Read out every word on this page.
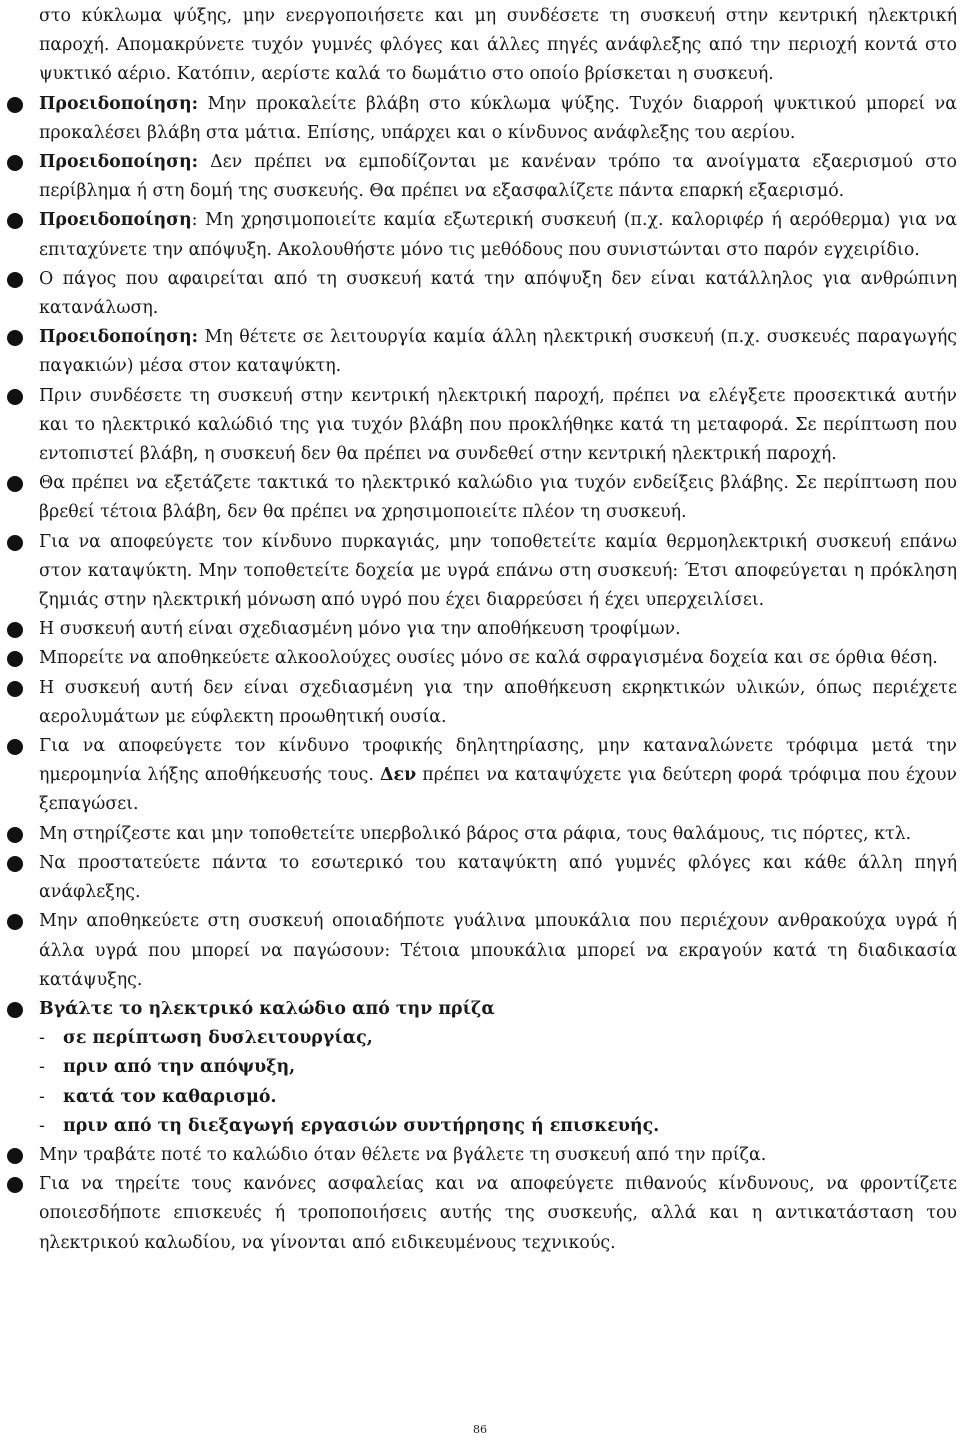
στο κύκλωμα ψύξης, μην ενεργοποιήσετε και μη συνδέσετε τη συσκευή στην κεντρική ηλεκτρική παροχή. Απομακρύνετε τυχόν γυμνές φλόγες και άλλες πηγές ανάφλεξης από την περιοχή κοντά στο ψυκτικό αέριο. Κατόπιν, αερίστε καλά το δωμάτιο στο οποίο βρίσκεται η συσκευή.

Προειδοποίηση: Μην προκαλείτε βλάβη στο κύκλωμα ψύξης. Τυχόν διαρροή ψυκτικού μπορεί να προκαλέσει βλάβη στα μάτια. Επίσης, υπάρχει και ο κίνδυνος ανάφλεξης του αερίου.

Προειδοποίηση: Δεν πρέπει να εμποδίζονται με κανέναν τρόπο τα ανοίγματα εξαερισμού στο περίβλημα ή στη δομή της συσκευής. Θα πρέπει να εξασφαλίζετε πάντα επαρκή εξαερισμό.

Προειδοποίηση: Μη χρησιμοποιείτε καμία εξωτερική συσκευή (π.χ. καλοριφέρ ή αερόθερμα) για να επιταχύνετε την απόψυξη. Ακολουθήστε μόνο τις μεθόδους που συνιστώνται στο παρόν εγχειρίδιο.

Ο πάγος που αφαιρείται από τη συσκευή κατά την απόψυξη δεν είναι κατάλληλος για ανθρώπινη κατανάλωση.

Προειδοποίηση: Μη θέτετε σε λειτουργία καμία άλλη ηλεκτρική συσκευή (π.χ. συσκευές παραγωγής παγακιών) μέσα στον καταψύκτη.

Πριν συνδέσετε τη συσκευή στην κεντρική ηλεκτρική παροχή, πρέπει να ελέγξετε προσεκτικά αυτήν και το ηλεκτρικό καλώδιό της για τυχόν βλάβη που προκλήθηκε κατά τη μεταφορά. Σε περίπτωση που εντοπιστεί βλάβη, η συσκευή δεν θα πρέπει να συνδεθεί στην κεντρική ηλεκτρική παροχή.

Θα πρέπει να εξετάζετε τακτικά το ηλεκτρικό καλώδιο για τυχόν ενδείξεις βλάβης. Σε περίπτωση που βρεθεί τέτοια βλάβη, δεν θα πρέπει να χρησιμοποιείτε πλέον τη συσκευή.

Για να αποφεύγετε τον κίνδυνο πυρκαγιάς, μην τοποθετείτε καμία θερμοηλεκτρική συσκευή επάνω στον καταψύκτη. Μην τοποθετείτε δοχεία με υγρά επάνω στη συσκευή: Έτσι αποφεύγεται η πρόκληση ζημιάς στην ηλεκτρική μόνωση από υγρό που έχει διαρρεύσει ή έχει υπερχειλίσει.

Η συσκευή αυτή είναι σχεδιασμένη μόνο για την αποθήκευση τροφίμων.

Μπορείτε να αποθηκεύετε αλκοολούχες ουσίες μόνο σε καλά σφραγισμένα δοχεία και σε όρθια θέση.

Η συσκευή αυτή δεν είναι σχεδιασμένη για την αποθήκευση εκρηκτικών υλικών, όπως περιέχετε αερολυμάτων με εύφλεκτη προωθητική ουσία.

Για να αποφεύγετε τον κίνδυνο τροφικής δηλητηρίασης, μην καταναλώνετε τρόφιμα μετά την ημερομηνία λήξης αποθήκευσής τους. Δεν πρέπει να καταψύχετε για δεύτερη φορά τρόφιμα που έχουν ξεπαγώσει.

Μη στηρίζεστε και μην τοποθετείτε υπερβολικό βάρος στα ράφια, τους θαλάμους, τις πόρτες, κτλ.

Να προστατεύετε πάντα το εσωτερικό του καταψύκτη από γυμνές φλόγες και κάθε άλλη πηγή ανάφλεξης.

Μην αποθηκεύετε στη συσκευή οποιαδήποτε γυάλινα μπουκάλια που περιέχουν ανθρακούχα υγρά ή άλλα υγρά που μπορεί να παγώσουν: Τέτοια μπουκάλια μπορεί να εκραγούν κατά τη διαδικασία κατάψυξης.

Βγάλτε το ηλεκτρικό καλώδιο από την πρίζα

-	σε περίπτωση δυσλειτουργίας,
-	πριν από την απόψυξη,
-	κατά τον καθαρισμό.
-	πριν από τη διεξαγωγή εργασιών συντήρησης ή επισκευής.

Μην τραβάτε ποτέ το καλώδιο όταν θέλετε να βγάλετε τη συσκευή από την πρίζα.

Για να τηρείτε τους κανόνες ασφαλείας και να αποφεύγετε πιθανούς κίνδυνους, να φροντίζετε οποιεσδήποτε επισκευές ή τροποποιήσεις αυτής της συσκευής, αλλά και η αντικατάσταση του ηλεκτρικού καλωδίου, να γίνονται από ειδικευμένους τεχνικούς.

86
